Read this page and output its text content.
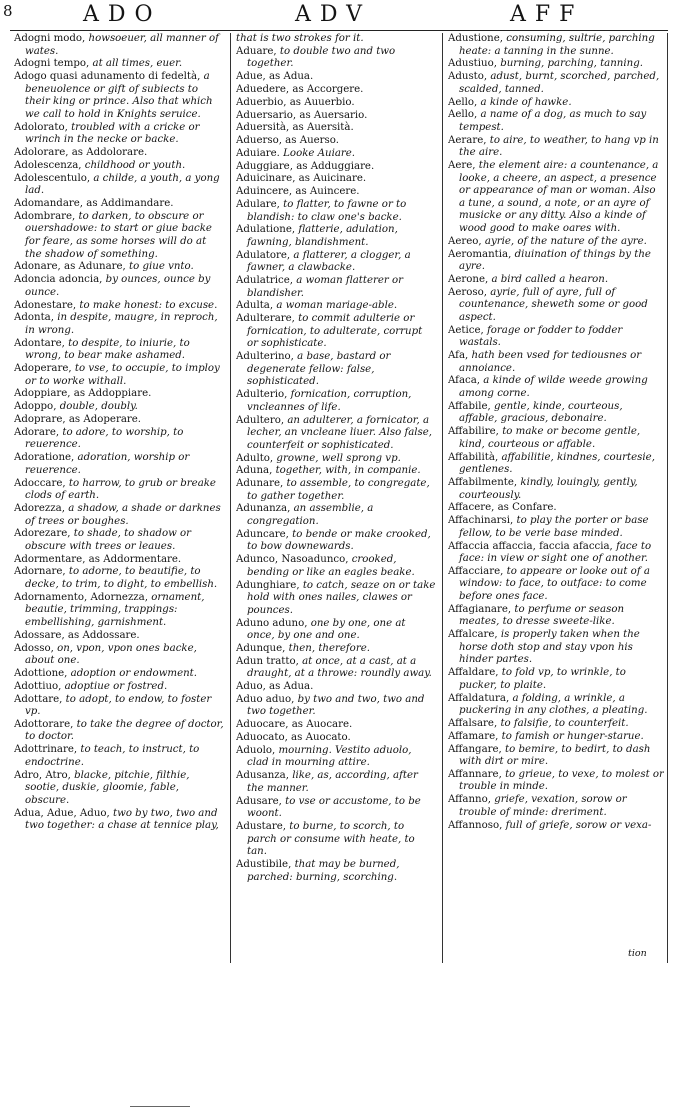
8	ADO	ADV	AFF

Adogni modo, howsoeuer, all manner of wates.

Adogni tempo, at all times, euer.

Adogo quasi adunamento di fedeltà, a beneuolence or gift of subiects to their king or prince. Also that which we call to hold in Knights seruice.

Adolorato, troubled with a cricke or wrinch in the necke or backe.

Adolorare, as Addolorare.

Adolescenza, childhood or youth.

Adolescentulo, a childe, a youth, a yong lad.

Adomandare, as Addimandare.

Adombrare, to darken, to obscure or ouershadowe: to start or giue backe for feare, as some horses will do at the shadow of something.

Adonare, as Adunare, to giue vnto.

Adoncia adoncia, by ounces, ounce by ounce.

Adonestare, to make honest: to excuse.

Adonta, in despite, maugre, in reproch, in wrong.

Adontare, to despite, to iniurie, to wrong, to bear make ashamed.

Adoperare, to vse, to occupie, to imploy or to worke withall.

Adoppiare, as Addoppiare.

Adoppo, double, doubly.

Adoprare, as Adoperare.

Adorare, to adore, to worship, to reuerence.

Adoratione, adoration, worship or reuerence.

Adoccare, to harrow, to grub or breake clods of earth.

Adorezza, a shadow, a shade or darknes of trees or boughes.

Adorezare, to shade, to shadow or obscure with trees or leaues.

Adormentare, as Addormentare.

Adornare, to adorne, to beautifie, to decke, to trim, to dight, to embellish.

Adornamento, Adornezza, ornament, beautie, trimming, trappings: embellishing, garnishment.

Adossare, as Addossare.

Adosso, on, vpon, vpon ones backe, about one.

Adottione, adoption or endowment.

Adottiuo, adoptiue or fostred.

Adottare, to adopt, to endow, to foster vp.

Adottorare, to take the degree of doctor, to doctor.

Adottrinare, to teach, to instruct, to endoctrine.

Adro, Atro, blacke, pitchie, filthie, sootie, duskie, gloomie, fable, obscure.

Adua, Adue, Aduo, two by two, two and two together: a chase at tennice play,

that is two strokes for it.

Aduare, to double two and two together.

Adue, as Adua.

Aduedere, as Accorgere.

Aduerbio, as Auuerbio.

Aduersario, as Auersario.

Aduersità, as Auersità.

Aduerso, as Auerso.

Aduiare. Looke Auiare.

Aduggiare, as Adduggiare.

Aduicinare, as Auicinare.

Aduincere, as Auincere.

Adulare, to flatter, to fawne or to blandish: to claw one's backe.

Adulatione, flatterie, adulation, fawning, blandishment.

Adulatore, a flatterer, a clogger, a fawner, a clawbacke.

Adulatrice, a woman flatterer or blandisher.

Adulta, a woman mariage-able.

Adulterare, to commit adulterie or fornication, to adulterate, corrupt or sophisticate.

Adulterino, a base, bastard or degenerate fellow: false, sophisticated.

Adulterio, fornication, corruption, vncleannes of life.

Adultero, an adulterer, a fornicator, a lecher, an vncleane liuer. Also false, counterfeit or sophisticated.

Adulto, growne, well sprong vp.

Aduna, together, with, in companie.

Adunare, to assemble, to congregate, to gather together.

Adunanza, an assemblie, a congregation.

Aduncare, to bende or make crooked, to bow downewards.

Adunco, Nasoadunco, crooked, bending or like an eagles beake.

Adunghiare, to catch, seaze on or take hold with ones nailes, clawes or pounces.

Aduno aduno, one by one, one at once, by one and one.

Adunque, then, therefore.

Adun tratto, at once, at a cast, at a draught, at a throwe: roundly away.

Aduo, as Adua.

Aduo aduo, by two and two, two and two together.

Aduocare, as Auocare.

Aduocato, as Auocato.

Aduolo, mourning. Vestito aduolo, clad in mourning attire.

Adusanza, like, as, according, after the manner.

Adusare, to vse or accustome, to be woont.

Adustare, to burne, to scorch, to parch or consume with heate, to tan.

Adustibile, that may be burned, parched: burning, scorching.

Adustione, consuming, sultrie, parching heate: a tanning in the sunne.

Adustiuo, burning, parching, tanning.

Adusto, adust, burnt, scorched, parched, scalded, tanned.

Aello, a kinde of hawke.

Aello, a name of a dog, as much to say tempest.

Aerare, to aire, to weather, to hang vp in the aire.

Aere, the element aire: a countenance, a looke, a cheere, an aspect, a presence or appearance of man or woman. Also a tune, a sound, a note, or an ayre of musicke or any ditty. Also a kinde of wood good to make oares with.

Aereo, ayrie, of the nature of the ayre.

Aeromantia, diuination of things by the ayre.

Aerone, a bird called a hearon.

Aerosο, ayrie, full of ayre, full of countenance, sheweth some or good aspect.

Aetice, forage or fodder to fodder wastals.

Afa, hath been vsed for tediousnes or annoiance.

Afaca, a kinde of wilde weede growing among corne.

Affabile, gentle, kinde, courteous, affable, gracious, debonaire.

Affabilire, to make or become gentle, kind, courteous or affable.

Affabilità, affabilitie, kindnes, courtesie, gentlenes.

Affabilmente, kindly, louingly, gently, courteously.

Affacere, as Confare.

Affachinarsi, to play the porter or base fellow, to be verie base minded.

Affaccia affaccia, faccia afaccia, face to face: in view or sight one of another.

Affacciare, to appeare or looke out of a window: to face, to outface: to come before ones face.

Affagianare, to perfume or season meates, to dresse sweete-like.

Affalcare, is properly taken when the horse doth stop and stay vpon his hinder partes.

Affaldare, to fold vp, to wrinkle, to pucker, to plaite.

Affaldatura, a folding, a wrinkle, a puckering in any clothes, a pleating.

Affalsare, to falsifie, to counterfeit.

Affamare, to famish or hunger-starue.

Affangare, to bemire, to bedirt, to dash with dirt or mire.

Affannare, to grieue, to vexe, to molest or trouble in minde.

Affanno, griefe, vexation, sorow or trouble of minde: dreriment.

Affannoso, full of griefe, sorow or vexa-

tion
